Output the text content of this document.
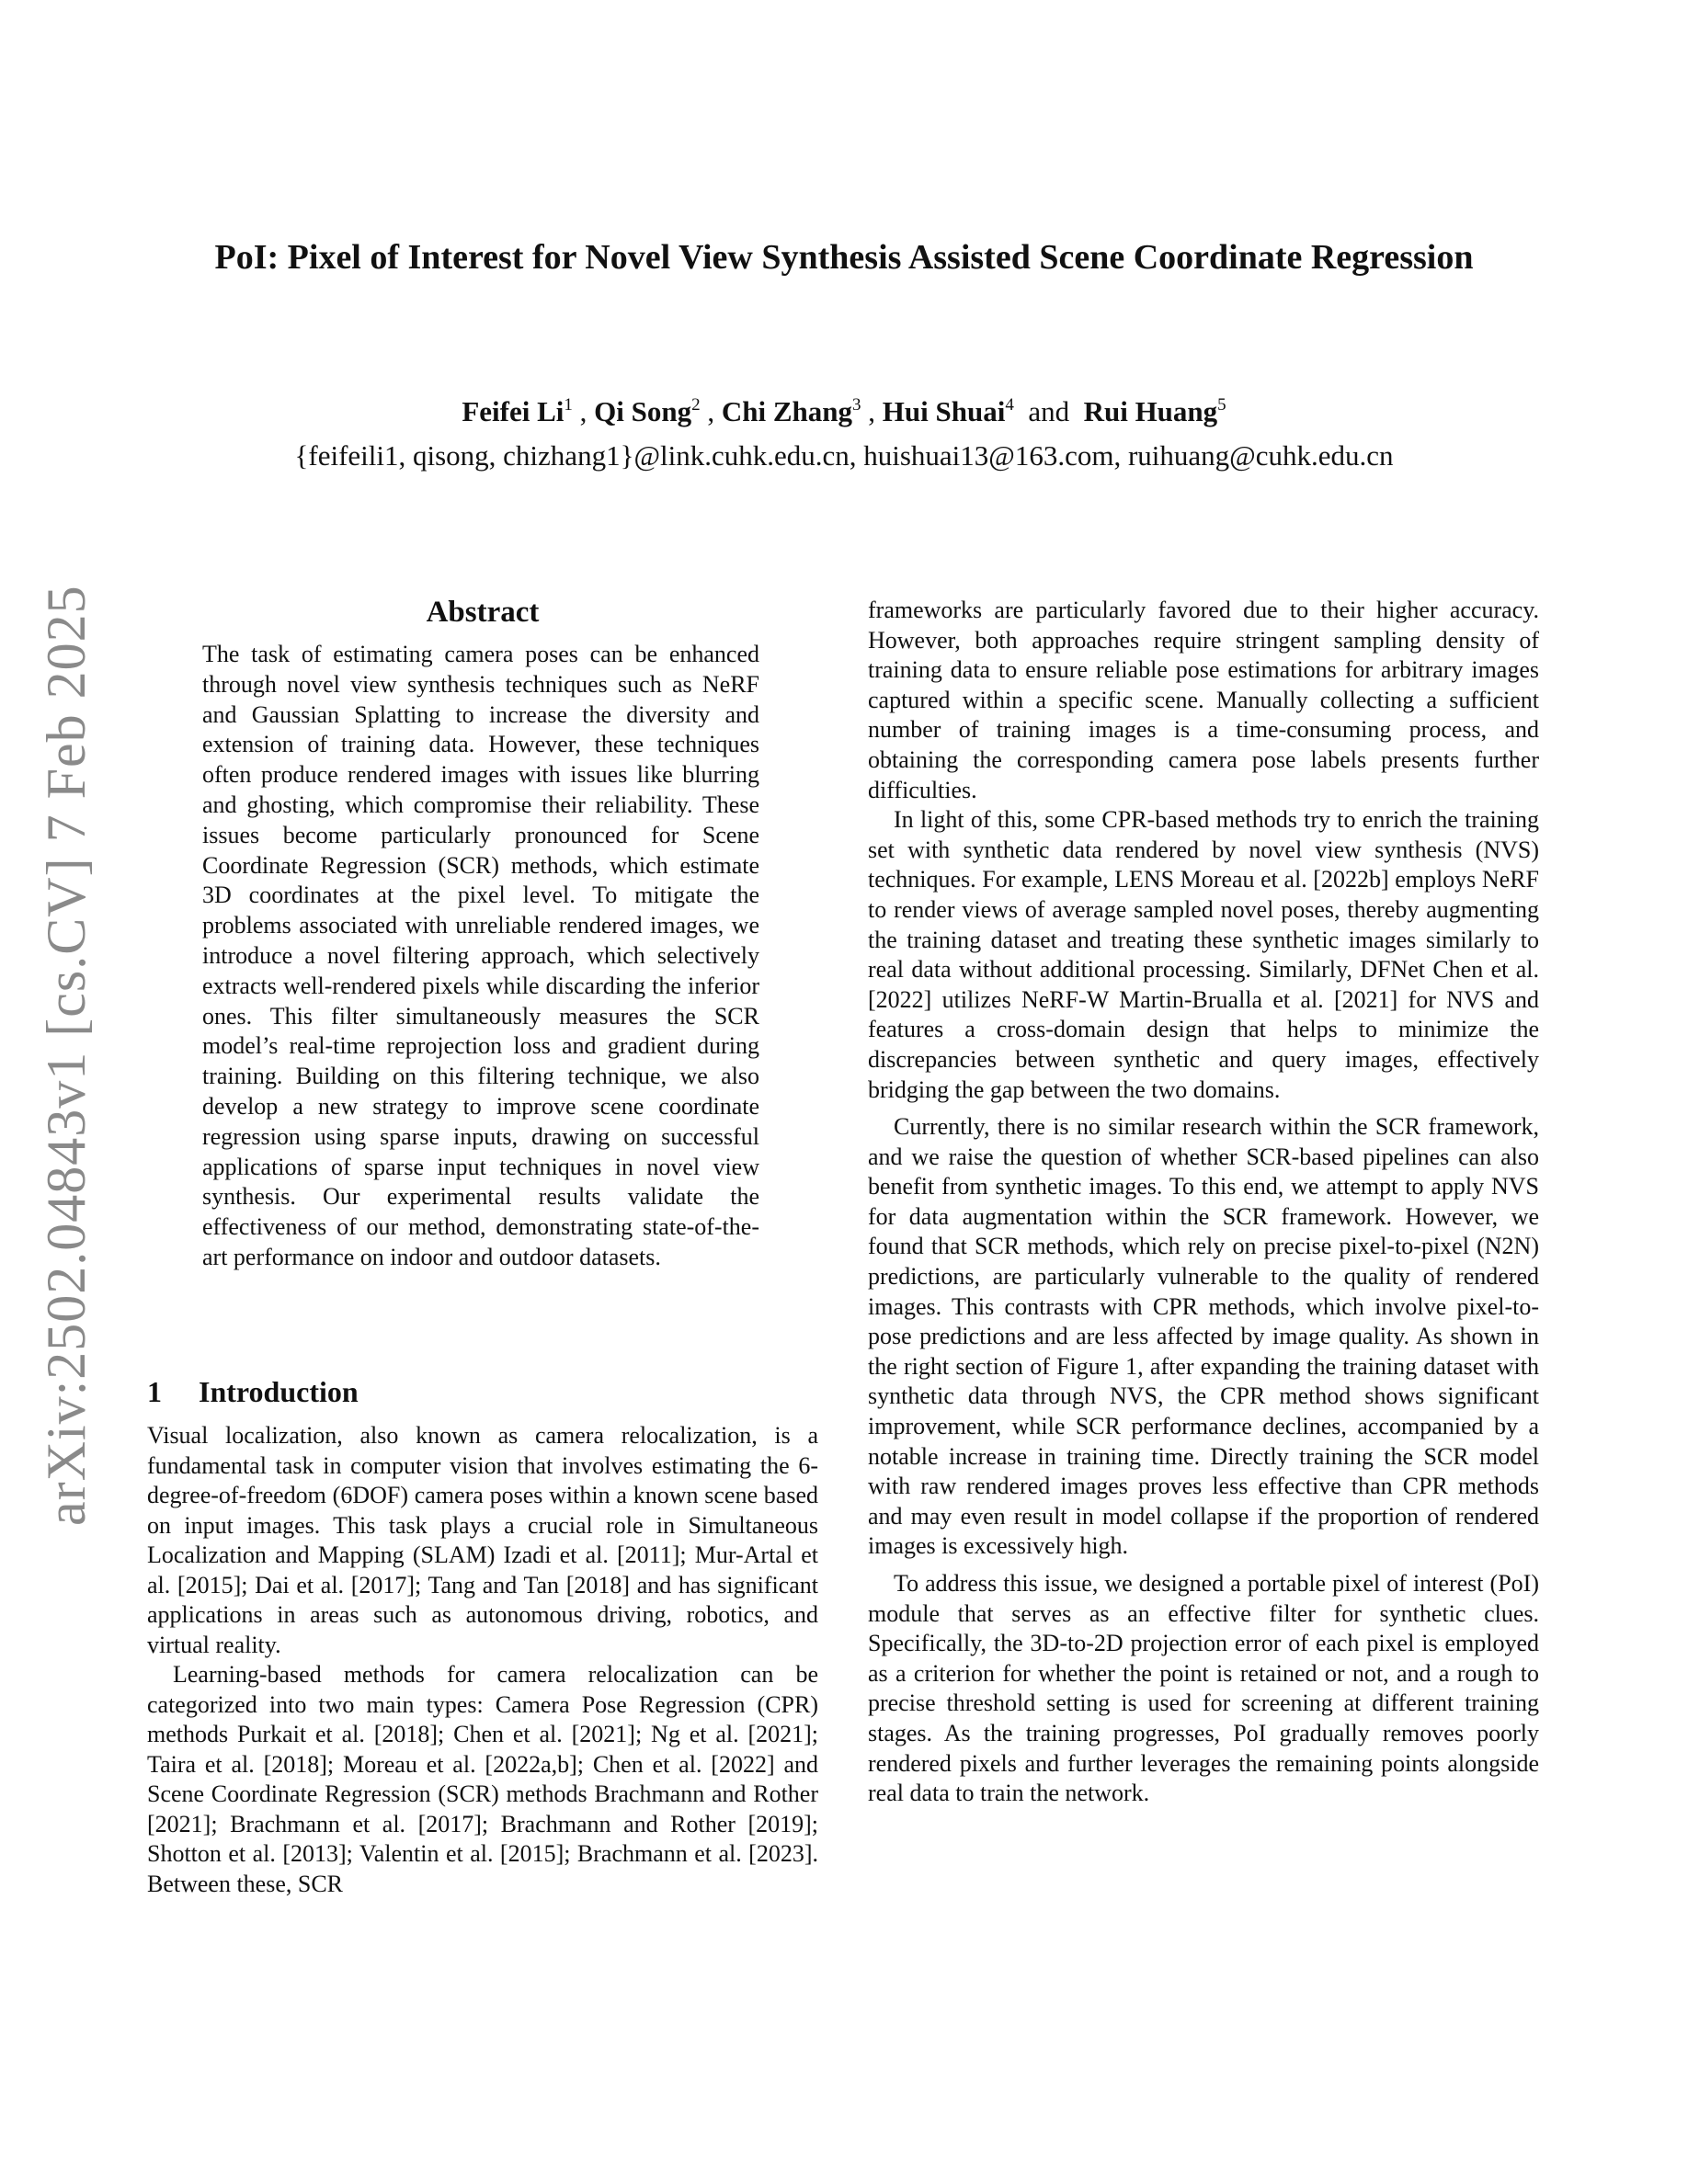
arXiv:2502.04843v1 [cs.CV] 7 Feb 2025
PoI: Pixel of Interest for Novel View Synthesis Assisted Scene Coordinate Regression
Feifei Li$^1$ , Qi Song$^2$ , Chi Zhang$^3$ , Hui Shuai$^4$ and Rui Huang$^5$
{feifeili1, qisong, chizhang1}@link.cuhk.edu.cn, huishuai13@163.com, ruihuang@cuhk.edu.cn
Abstract
The task of estimating camera poses can be enhanced through novel view synthesis techniques such as NeRF and Gaussian Splatting to increase the diversity and extension of training data. However, these techniques often produce rendered images with issues like blurring and ghosting, which compromise their reliability. These issues become particularly pronounced for Scene Coordinate Regression (SCR) methods, which estimate 3D coordinates at the pixel level. To mitigate the problems associated with unreliable rendered images, we introduce a novel filtering approach, which selectively extracts well-rendered pixels while discarding the inferior ones. This filter simultaneously measures the SCR model’s real-time reprojection loss and gradient during training. Building on this filtering technique, we also develop a new strategy to improve scene coordinate regression using sparse inputs, drawing on successful applications of sparse input techniques in novel view synthesis. Our experimental results validate the effectiveness of our method, demonstrating state-of-the-art performance on indoor and outdoor datasets.
1 Introduction

Visual localization, also known as camera relocalization, is a fundamental task in computer vision that involves estimating the 6-degree-of-freedom (6DOF) camera poses within a known scene based on input images. This task plays a crucial role in Simultaneous Localization and Mapping (SLAM) Izadi et al. [2011]; Mur-Artal et al. [2015]; Dai et al. [2017]; Tang and Tan [2018] and has significant applications in areas such as autonomous driving, robotics, and virtual reality.

Learning-based methods for camera relocalization can be categorized into two main types: Camera Pose Regression (CPR) methods Purkait et al. [2018]; Chen et al. [2021]; Ng et al. [2021]; Taira et al. [2018]; Moreau et al. [2022a,b]; Chen et al. [2022] and Scene Coordinate Regression (SCR) methods Brachmann and Rother [2021]; Brachmann et al. [2017]; Brachmann and Rother [2019]; Shotton et al. [2013]; Valentin et al. [2015]; Brachmann et al. [2023]. Between these, SCR

frameworks are particularly favored due to their higher accuracy. However, both approaches require stringent sampling density of training data to ensure reliable pose estimations for arbitrary images captured within a specific scene. Manually collecting a sufficient number of training images is a time-consuming process, and obtaining the corresponding camera pose labels presents further difficulties.

In light of this, some CPR-based methods try to enrich the training set with synthetic data rendered by novel view synthesis (NVS) techniques. For example, LENS Moreau et al. [2022b] employs NeRF to render views of average sampled novel poses, thereby augmenting the training dataset and treating these synthetic images similarly to real data without additional processing. Similarly, DFNet Chen et al. [2022] utilizes NeRF-W Martin-Brualla et al. [2021] for NVS and features a cross-domain design that helps to minimize the discrepancies between synthetic and query images, effectively bridging the gap between the two domains.

Currently, there is no similar research within the SCR framework, and we raise the question of whether SCR-based pipelines can also benefit from synthetic images. To this end, we attempt to apply NVS for data augmentation within the SCR framework. However, we found that SCR methods, which rely on precise pixel-to-pixel (N2N) predictions, are particularly vulnerable to the quality of rendered images. This contrasts with CPR methods, which involve pixel-to-pose predictions and are less affected by image quality. As shown in the right section of Figure 1, after expanding the training dataset with synthetic data through NVS, the CPR method shows significant improvement, while SCR performance declines, accompanied by a notable increase in training time. Directly training the SCR model with raw rendered images proves less effective than CPR methods and may even result in model collapse if the proportion of rendered images is excessively high.

To address this issue, we designed a portable pixel of interest (PoI) module that serves as an effective filter for synthetic clues. Specifically, the 3D-to-2D projection error of each pixel is employed as a criterion for whether the point is retained or not, and a rough to precise threshold setting is used for screening at different training stages. As the training progresses, PoI gradually removes poorly rendered pixels and further leverages the remaining points alongside real data to train the network.
